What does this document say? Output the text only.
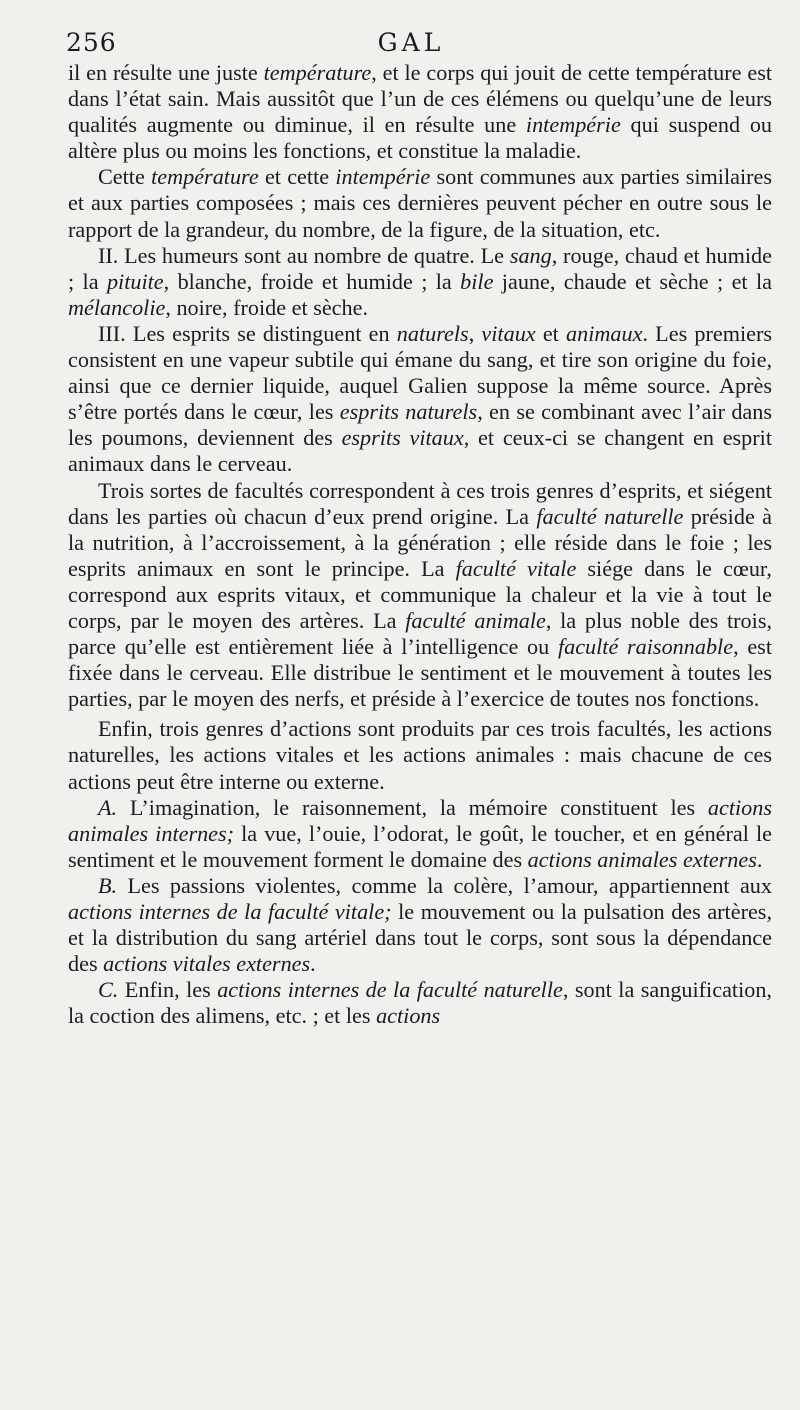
256	GAL

il en résulte une juste température, et le corps qui jouit de cette température est dans l’état sain. Mais aussitôt que l’un de ces élémens ou quelqu’une de leurs qualités augmente ou diminue, il en résulte une intempérie qui suspend ou altère plus ou moins les fonctions, et constitue la maladie.

Cette température et cette intempérie sont communes aux parties similaires et aux parties composées ; mais ces dernières peuvent pécher en outre sous le rapport de la grandeur, du nombre, de la figure, de la situation, etc.

II. Les humeurs sont au nombre de quatre. Le sang, rouge, chaud et humide ; la pituite, blanche, froide et humide ; la bile jaune, chaude et sèche ; et la mélancolie, noire, froide et sèche.

III. Les esprits se distinguent en naturels, vitaux et animaux. Les premiers consistent en une vapeur subtile qui émane du sang, et tire son origine du foie, ainsi que ce dernier liquide, auquel Galien suppose la même source. Après s’être portés dans le cœur, les esprits naturels, en se combinant avec l’air dans les poumons, deviennent des esprits vitaux, et ceux-ci se changent en esprit animaux dans le cerveau.

Trois sortes de facultés correspondent à ces trois genres d’esprits, et siégent dans les parties où chacun d’eux prend origine. La faculté naturelle préside à la nutrition, à l’accroissement, à la génération ; elle réside dans le foie ; les esprits animaux en sont le principe. La faculté vitale siége dans le cœur, correspond aux esprits vitaux, et communique la chaleur et la vie à tout le corps, par le moyen des artères. La faculté animale, la plus noble des trois, parce qu’elle est entièrement liée à l’intelligence ou faculté raisonnable, est fixée dans le cerveau. Elle distribue le sentiment et le mouvement à toutes les parties, par le moyen des nerfs, et préside à l’exercice de toutes nos fonctions.

Enfin, trois genres d’actions sont produits par ces trois facultés, les actions naturelles, les actions vitales et les actions animales : mais chacune de ces actions peut être interne ou externe.

A. L’imagination, le raisonnement, la mémoire constituent les actions animales internes; la vue, l’ouie, l’odorat, le goût, le toucher, et en général le sentiment et le mouvement forment le domaine des actions animales externes.

B. Les passions violentes, comme la colère, l’amour, appartiennent aux actions internes de la faculté vitale; le mouvement ou la pulsation des artères, et la distribution du sang artériel dans tout le corps, sont sous la dépendance des actions vitales externes.

C. Enfin, les actions internes de la faculté naturelle, sont la sanguification, la coction des alimens, etc. ; et les actions
